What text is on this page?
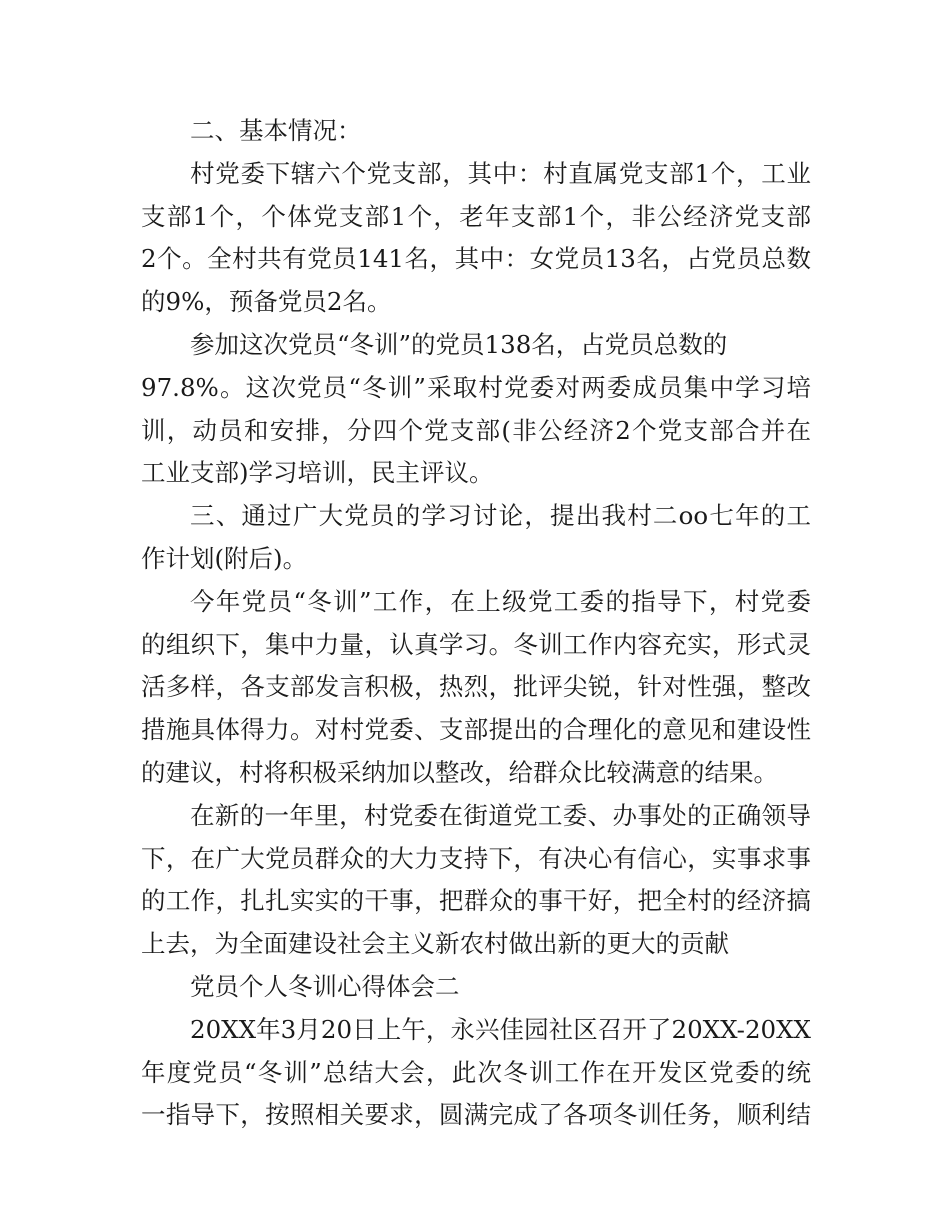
二、基本情况：
村党委下辖六个党支部，其中：村直属党支部1个，工业
支部1个，个体党支部1个，老年支部1个，非公经济党支部
2个。全村共有党员141名，其中：女党员13名，占党员总数
的9%，预备党员2名。
参加这次党员“冬训”的党员138名，占党员总数的
97.8%。这次党员“冬训”采取村党委对两委成员集中学习培
训，动员和安排，分四个党支部(非公经济2个党支部合并在
工业支部)学习培训，民主评议。
三、通过广大党员的学习讨论，提出我村二oo七年的工
作计划(附后)。
今年党员“冬训”工作，在上级党工委的指导下，村党委
的组织下，集中力量，认真学习。冬训工作内容充实，形式灵
活多样，各支部发言积极，热烈，批评尖锐，针对性强，整改
措施具体得力。对村党委、支部提出的合理化的意见和建设性
的建议，村将积极采纳加以整改，给群众比较满意的结果。
在新的一年里，村党委在街道党工委、办事处的正确领导
下，在广大党员群众的大力支持下，有决心有信心，实事求事
的工作，扎扎实实的干事，把群众的事干好，把全村的经济搞
上去，为全面建设社会主义新农村做出新的更大的贡献
党员个人冬训心得体会二
20XX年3月20日上午，永兴佳园社区召开了20XX-20XX
年度党员“冬训”总结大会，此次冬训工作在开发区党委的统
一指导下，按照相关要求，圆满完成了各项冬训任务，顺利结
